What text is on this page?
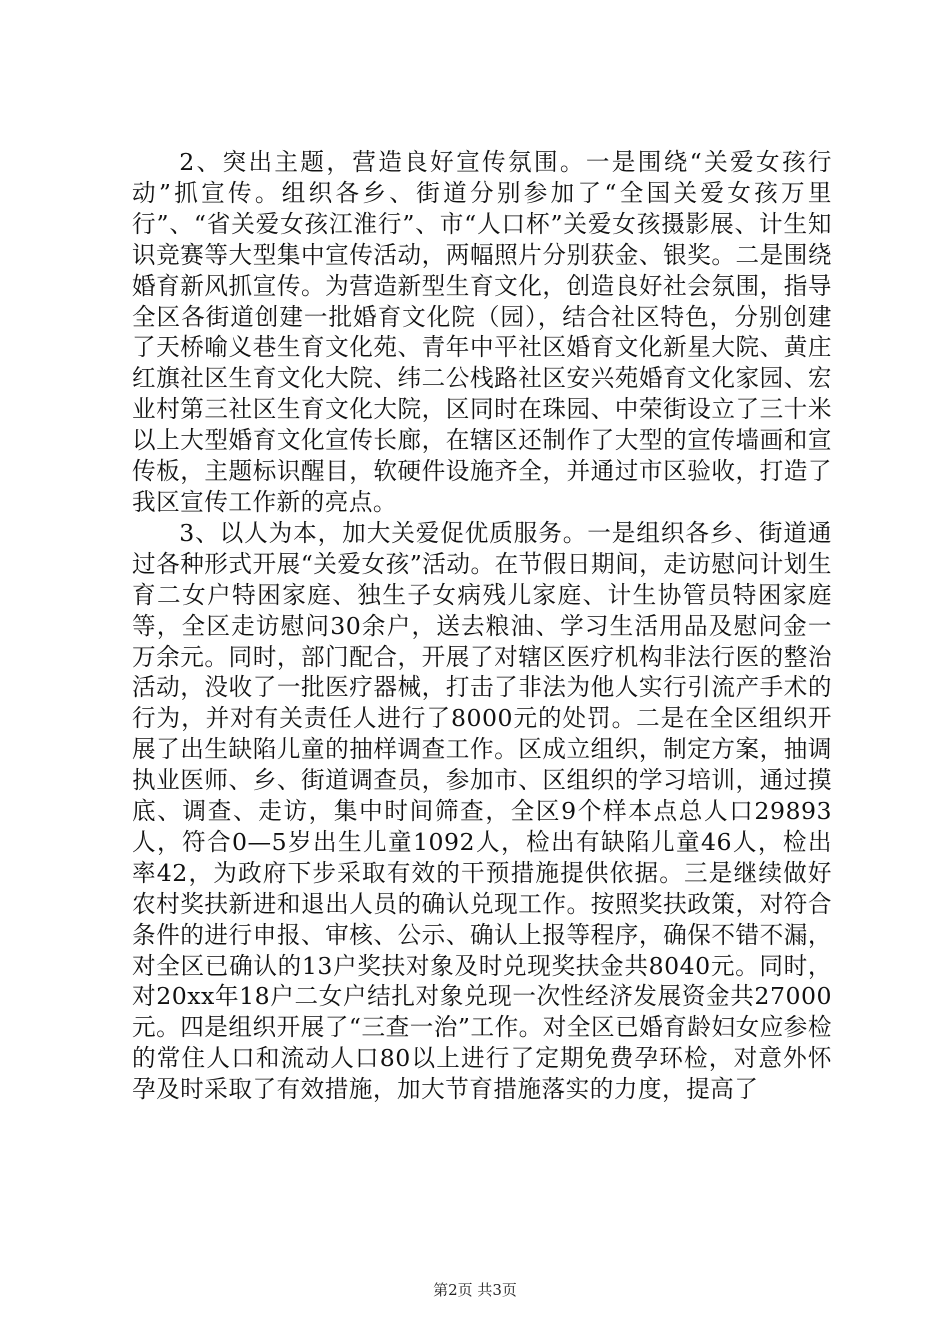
2、突出主题，营造良好宣传氛围。一是围绕“关爱女孩行动”抓宣传。组织各乡、街道分别参加了“全国关爱女孩万里行”、“省关爱女孩江淮行”、市“人口杯”关爱女孩摄影展、计生知识竞赛等大型集中宣传活动，两幅照片分别获金、银奖。二是围绕婚育新风抓宣传。为营造新型生育文化，创造良好社会氛围，指导全区各街道创建一批婚育文化院（园），结合社区特色，分别创建了天桥喻义巷生育文化苑、青年中平社区婚育文化新星大院、黄庄红旗社区生育文化大院、纬二公栈路社区安兴苑婚育文化家园、宏业村第三社区生育文化大院，区同时在珠园、中荣街设立了三十米以上大型婚育文化宣传长廊，在辖区还制作了大型的宣传墙画和宣传板，主题标识醒目，软硬件设施齐全，并通过市区验收，打造了我区宣传工作新的亮点。

3、以人为本，加大关爱促优质服务。一是组织各乡、街道通过各种形式开展“关爱女孩”活动。在节假日期间，走访慰问计划生育二女户特困家庭、独生子女病残儿家庭、计生协管员特困家庭等，全区走访慰问30余户，送去粮油、学习生活用品及慰问金一万余元。同时，部门配合，开展了对辖区医疗机构非法行医的整治活动，没收了一批医疗器械，打击了非法为他人实行引流产手术的行为，并对有关责任人进行了8000元的处罚。二是在全区组织开展了出生缺陷儿童的抽样调查工作。区成立组织，制定方案，抽调执业医师、乡、街道调查员，参加市、区组织的学习培训，通过摸底、调查、走访，集中时间筛查，全区9个样本点总人口29893人，符合0—5岁出生儿童1092人，检出有缺陷儿童46人，检出率42，为政府下步采取有效的干预措施提供依据。三是继续做好农村奖扶新进和退出人员的确认兑现工作。按照奖扶政策，对符合条件的进行申报、审核、公示、确认上报等程序，确保不错不漏，对全区已确认的13户奖扶对象及时兑现奖扶金共8040元。同时，对20xx年18户二女户结扎对象兑现一次性经济发展资金共27000元。四是组织开展了“三查一治”工作。对全区已婚育龄妇女应参检的常住人口和流动人口80以上进行了定期免费孕环检，对意外怀孕及时采取了有效措施，加大节育措施落实的力度，提高了

第2页 共3页
